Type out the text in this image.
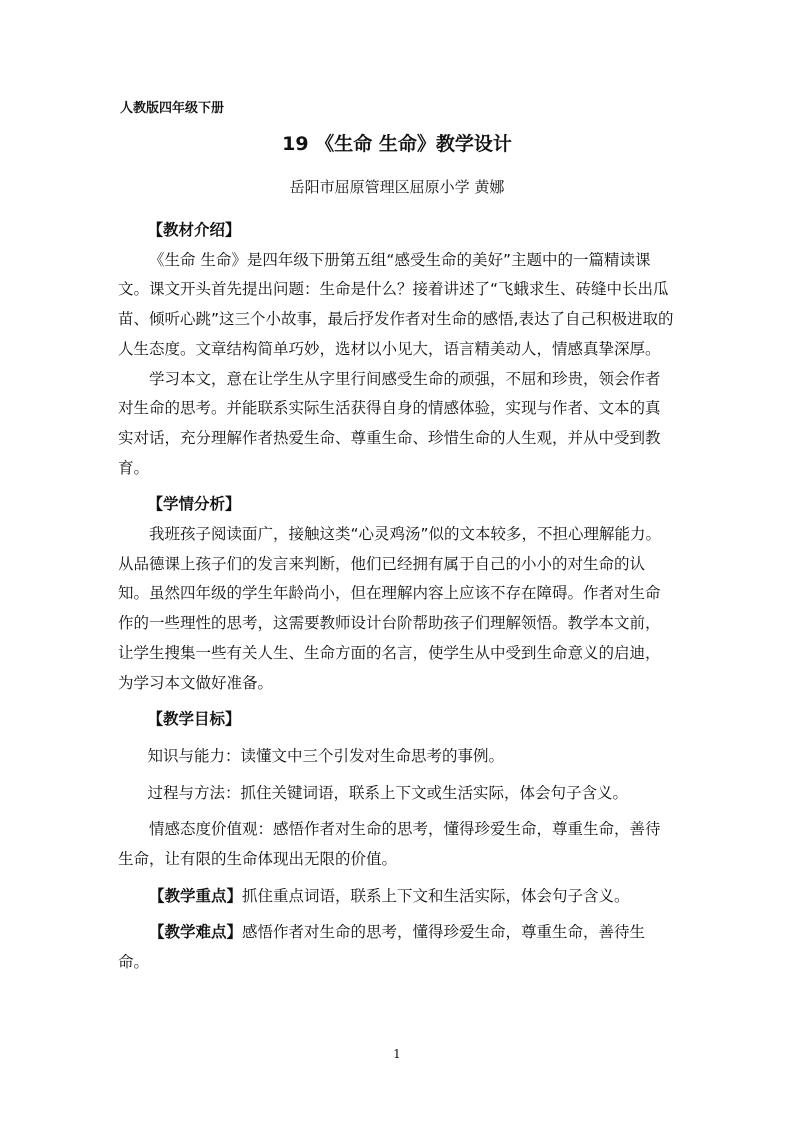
人教版四年级下册
19 《生命 生命》教学设计
岳阳市屈原管理区屈原小学 黄娜

【教材介绍】

《生命 生命》是四年级下册第五组“感受生命的美好”主题中的一篇精读课文。课文开头首先提出问题：生命是什么？接着讲述了“飞蛾求生、砖缝中长出瓜苗、倾听心跳”这三个小故事，最后抒发作者对生命的感悟,表达了自己积极进取的人生态度。文章结构简单巧妙，选材以小见大，语言精美动人，情感真挚深厚。

学习本文，意在让学生从字里行间感受生命的顽强，不屈和珍贵，领会作者对生命的思考。并能联系实际生活获得自身的情感体验，实现与作者、文本的真实对话，充分理解作者热爱生命、尊重生命、珍惜生命的人生观，并从中受到教育。

【学情分析】

我班孩子阅读面广，接触这类“心灵鸡汤”似的文本较多，不担心理解能力。从品德课上孩子们的发言来判断，他们已经拥有属于自己的小小的对生命的认知。虽然四年级的学生年龄尚小，但在理解内容上应该不存在障碍。作者对生命作的一些理性的思考，这需要教师设计台阶帮助孩子们理解领悟。教学本文前，让学生搜集一些有关人生、生命方面的名言，使学生从中受到生命意义的启迪，为学习本文做好准备。

【教学目标】

知识与能力：读懂文中三个引发对生命思考的事例。

过程与方法：抓住关键词语，联系上下文或生活实际，体会句子含义。

情感态度价值观：感悟作者对生命的思考，懂得珍爱生命，尊重生命，善待生命，让有限的生命体现出无限的价值。

【教学重点】抓住重点词语，联系上下文和生活实际，体会句子含义。

【教学难点】感悟作者对生命的思考，懂得珍爱生命，尊重生命，善待生命。

1
